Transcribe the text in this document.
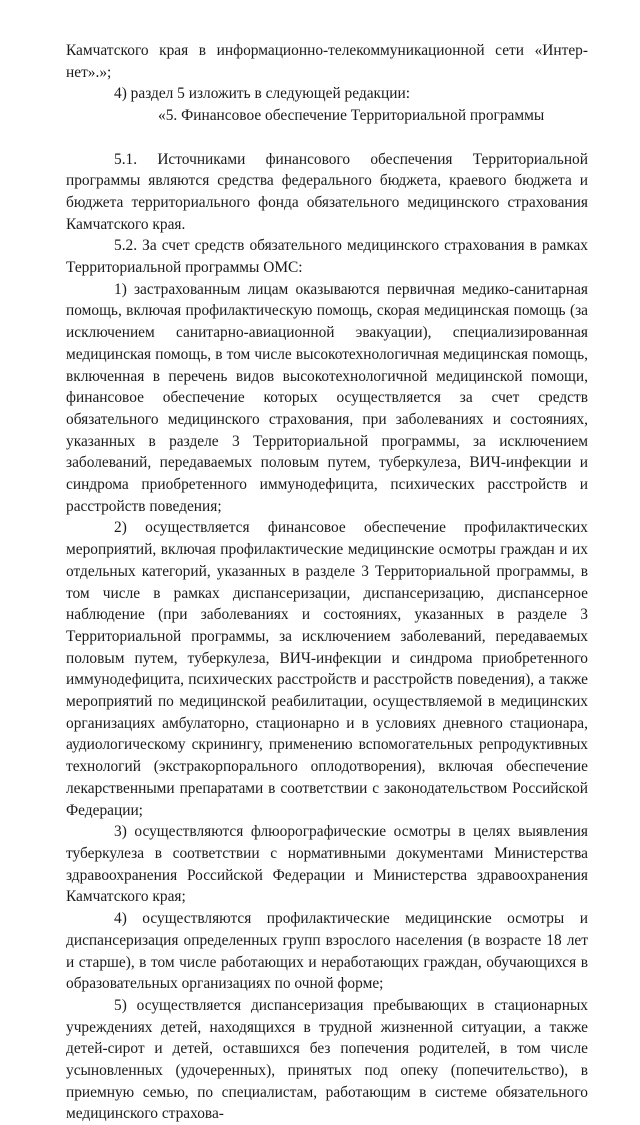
Камчатского края в информационно-телекоммуникационной сети «Интер-нет».»;

4) раздел 5 изложить в следующей редакции:

«5. Финансовое обеспечение Территориальной программы

5.1. Источниками финансового обеспечения Территориальной программы являются средства федерального бюджета, краевого бюджета и бюджета территориального фонда обязательного медицинского страхования Камчатского края.

5.2. За счет средств обязательного медицинского страхования в рамках Территориальной программы ОМС:

1) застрахованным лицам оказываются первичная медико-санитарная помощь, включая профилактическую помощь, скорая медицинская помощь (за исключением санитарно-авиационной эвакуации), специализированная медицинская помощь, в том числе высокотехнологичная медицинская помощь, включенная в перечень видов высокотехнологичной медицинской помощи, финансовое обеспечение которых осуществляется за счет средств обязательного медицинского страхования, при заболеваниях и состояниях, указанных в разделе 3 Территориальной программы, за исключением заболеваний, передаваемых половым путем, туберкулеза, ВИЧ-инфекции и синдрома приобретенного иммунодефицита, психических расстройств и расстройств поведения;

2) осуществляется финансовое обеспечение профилактических мероприятий, включая профилактические медицинские осмотры граждан и их отдельных категорий, указанных в разделе 3 Территориальной программы, в том числе в рамках диспансеризации, диспансеризацию, диспансерное наблюдение (при заболеваниях и состояниях, указанных в разделе 3 Территориальной программы, за исключением заболеваний, передаваемых половым путем, туберкулеза, ВИЧ-инфекции и синдрома приобретенного иммунодефицита, психических расстройств и расстройств поведения), а также мероприятий по медицинской реабилитации, осуществляемой в медицинских организациях амбулаторно, стационарно и в условиях дневного стационара, аудиологическому скринингу, применению вспомогательных репродуктивных технологий (экстракорпорального оплодотворения), включая обеспечение лекарственными препаратами в соответствии с законодательством Российской Федерации;

3) осуществляются флюорографические осмотры в целях выявления туберкулеза в соответствии с нормативными документами Министерства здравоохранения Российской Федерации и Министерства здравоохранения Камчатского края;

4) осуществляются профилактические медицинские осмотры и диспансеризация определенных групп взрослого населения (в возрасте 18 лет и старше), в том числе работающих и неработающих граждан, обучающихся в образовательных организациях по очной форме;

5) осуществляется диспансеризация пребывающих в стационарных учреждениях детей, находящихся в трудной жизненной ситуации, а также детей-сирот и детей, оставшихся без попечения родителей, в том числе усыновленных (удочеренных), принятых под опеку (попечительство), в приемную семью, по специалистам, работающим в системе обязательного медицинского страхова-
